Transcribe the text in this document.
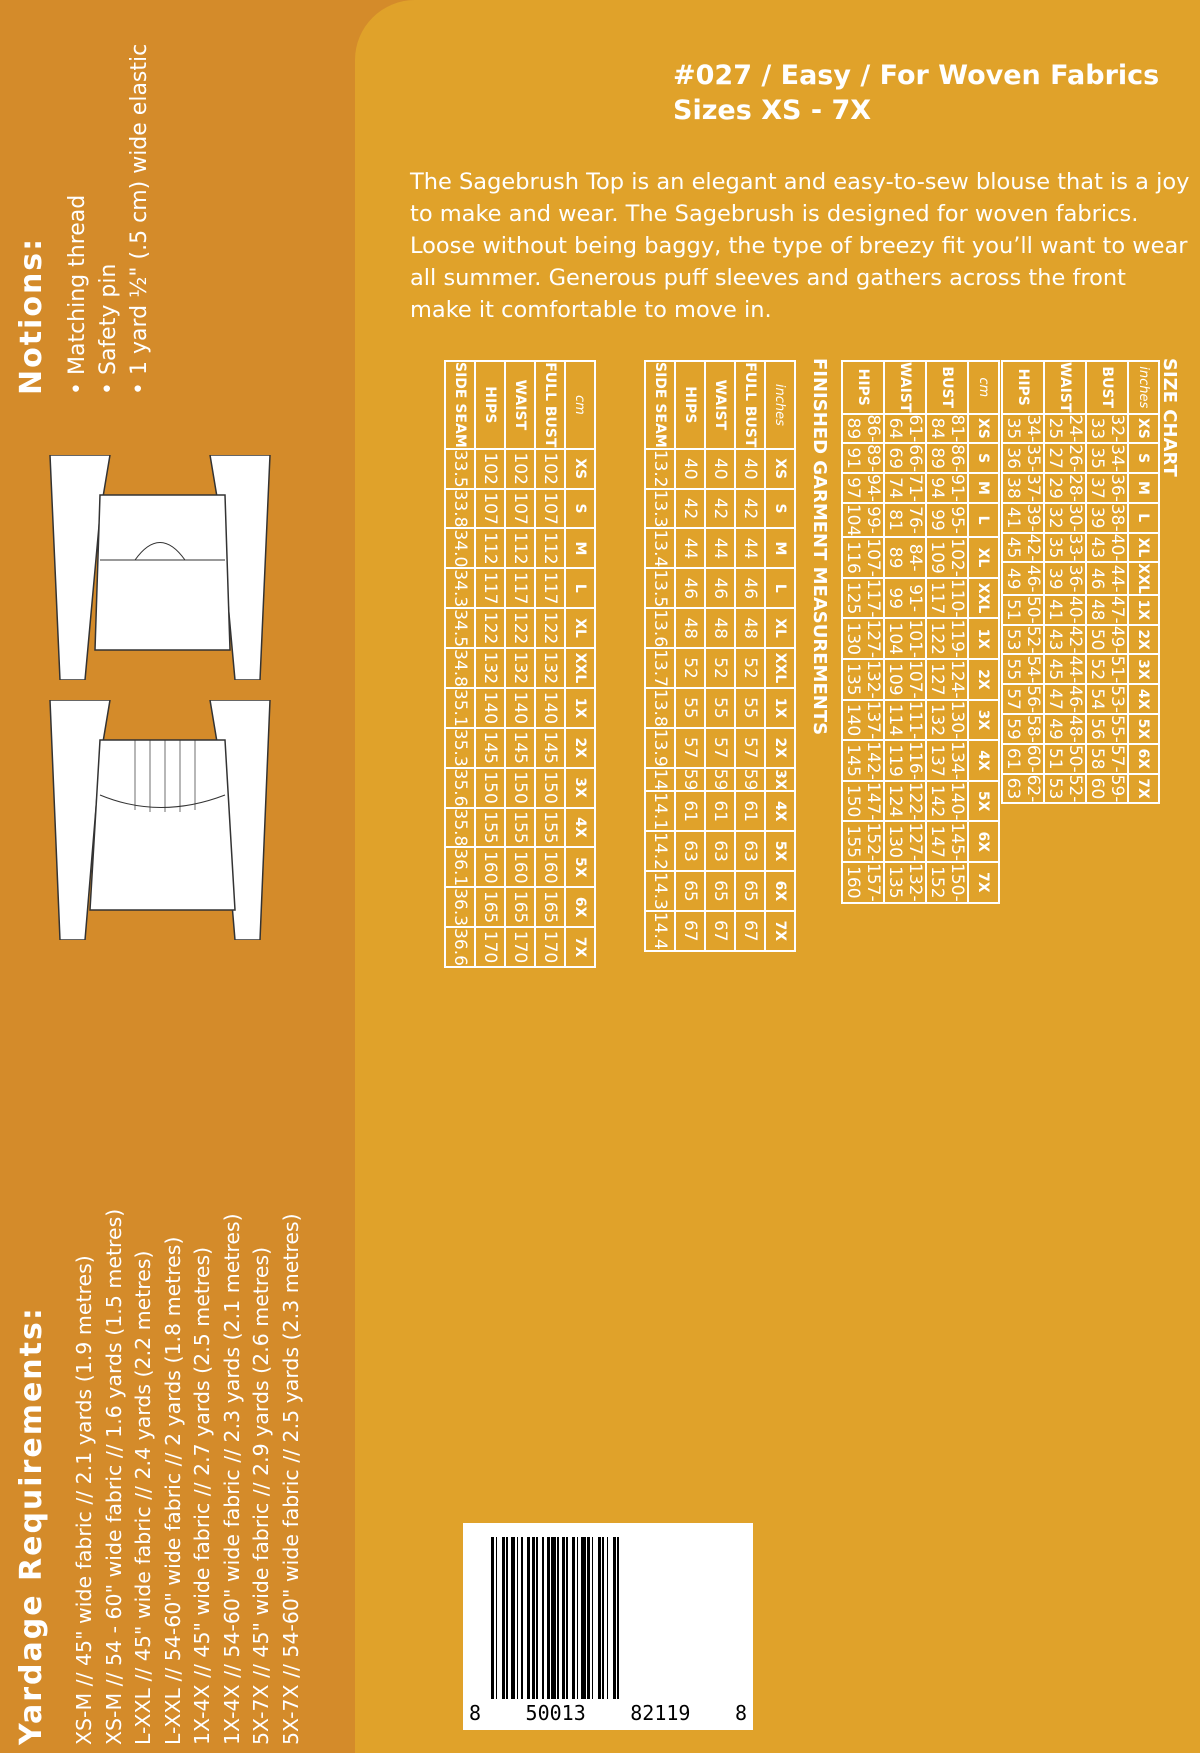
Notions: • Matching thread • Safety pin • 1 yard ½" (.5 cm) wide elastic
Yardage Requirements: XS-M // 45" wide fabric // 2.1 yards (1.9 metres) XS-M // 54 - 60" wide fabric // 1.6 yards (1.5 metres) L-XXL // 45" wide fabric // 2.4 yards (2.2 metres) L-XXL // 54-60" wide fabric // 2 yards (1.8 metres) 1X-4X // 45" wide fabric // 2.7 yards (2.5 metres) 1X-4X // 54-60" wide fabric // 2.3 yards (2.1 metres) 5X-7X // 45" wide fabric // 2.9 yards (2.6 metres) 5X-7X // 54-60" wide fabric // 2.5 yards (2.3 metres)
#027 / Easy / For Woven Fabrics
Sizes XS - 7X
The Sagebrush Top is an elegant and easy-to-sew blouse that is a joy to make and wear. The Sagebrush is designed for woven fabrics. Loose without being baggy, the type of breezy fit you’ll want to wear all summer. Generous puff sleeves and gathers across the front make it comfortable to move in.
SIZE CHART
inches	XS	S	M	L	XL	XXL	1X	2X	3X	4X	5X	6X	7X
BUST	32-33	34-35	36-37	38-39	40-43	44-46	47-48	49-50	51-52	53-54	55-56	57-58	59-60
WAIST	24-25	26-27	28-29	30-32	33-35	36-39	40-41	42-43	44-45	46-47	48-49	50-51	52-53
HIPS	34-35	35-36	37-38	39-41	42-45	46-49	50-51	52-53	54-55	56-57	58-59	60-61	62-63
cm	XS	S	M	L	XL	XXL	1X	2X	3X	4X	5X	6X	7X
BUST	81-84	86-89	91-94	95-99	102-109	110-117	119-122	124-127	130-132	134-137	140-142	145-147	150-152
WAIST	61-64	66-69	71-74	76-81	84-89	91-99	101-104	107-109	111-114	116-119	122-124	127-130	132-135
HIPS	86-89	89-91	94-97	99-104	107-116	117-125	127-130	132-135	137-140	142-145	147-150	152-155	157-160
FINISHED GARMENT MEASUREMENTS
inches	XS	S	M	L	XL	XXL	1X	2X	3X	4X	5X	6X	7X
FULL BUST	40	42	44	46	48	52	55	57	59	61	63	65	67
WAIST	40	42	44	46	48	52	55	57	59	61	63	65	67
HIPS	40	42	44	46	48	52	55	57	59	61	63	65	67
SIDE SEAM	13.2	13.3	13.4	13.5	13.6	13.7	13.8	13.9	14	14.1	14.2	14.3	14.4
cm	XS	S	M	L	XL	XXL	1X	2X	3X	4X	5X	6X	7X
FULL BUST	102	107	112	117	122	132	140	145	150	155	160	165	170
WAIST	102	107	112	117	122	132	140	145	150	155	160	165	170
HIPS	102	107	112	117	122	132	140	145	150	155	160	165	170
SIDE SEAM	33.5	33.8	34.0	34.3	34.5	34.8	35.1	35.3	35.6	35.8	36.1	36.3	36.6
8 50013 82119 8
